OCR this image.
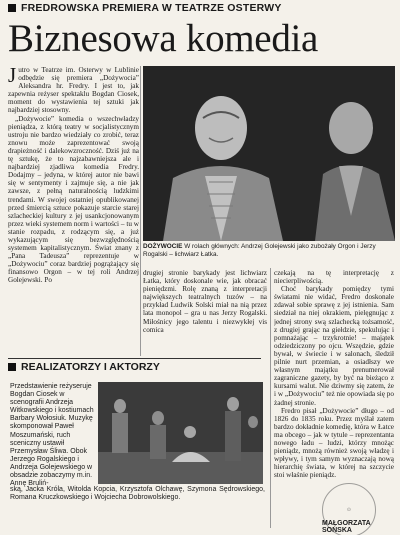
FREDROWSKA PREMIERA W TEATRZE OSTERWY
Biznesowa komedia

Jutro w Teatrze im. Osterwy w Lublinie odbędzie się premiera „Dożywocia” Aleksandra hr. Fredry. I jest to, jak zapewnia reżyser spektaklu Bogdan Ciosek, moment do wystawienia tej sztuki jak najbardziej stosowny.

„Dożywocie” komedia o wszechwładzy pieniądza, z którą teatry w socjalistycznym ustroju nie bardzo wiedziały co zrobić, teraz znowu może zaprezentować swoją drapieżność i dalekowzroczność. Dziś już na tę sztukę, że to najzabawniejsza ale i najbardziej zjadliwa komedia Fredry. Dodajmy – jedyna, w której autor nie bawi się w sentymenty i zajmuje się, a nie jak zawsze, z pełną naturalnością ludzkimi trendami. W swojej ostatniej opublikowanej przed śmiercią sztuce pokazuje starcie starej szlacheckiej kultury z jej usankcjonowanym przez wieki systemem norm i wartości – tu w stanie rozpadu, z rodzącym się, a już wykazującym się bezwzględnością systemem kapitalistycznym. Świat znany z „Pana Tadeusza” reprezentuje w „Dożywociu” coraz bardziej pogrążający się finansowo Orgon – w tej roli Andrzej Golejewski. Po

DOŻYWOCIE W rolach głównych: Andrzej Golejewski jako zubożały Orgon i Jerzy Rogalski – lichwiarz Łatka.

drugiej stronie barykady jest lichwiarz Łatka, który doskonale wie, jak obracać pieniędzmi. Rolę znaną z interpretacji największych teatralnych tuzów – na przykład Ludwik Solski miał na nią przez lata monopol – gra u nas Jerzy Rogalski. Miłośnicy jego talentu i niezwykłej vis comica

czekają na tę interpretację z niecierpliwością.

Choć barykady pomiędzy tymi światami nie widać, Fredro doskonale zdawał sobie sprawę z jej istnienia. Sam siedział na niej okrakiem, pielęgnując z jednej strony swą szlachecką tożsamość, z drugiej grając na giełdzie, spekulując i pomnażając – trzykrotnie! – majątek odziedziczony po ojcu. Wszędzie, gdzie bywał, w świecie i w salonach, śledził pilnie nurt przemian, a osiadłszy we własnym majątku prenumerował zagraniczne gazety, by być na bieżąco z kursami walut. Nie dziwmy się zatem, że i w „Dożywociu” też nie opowiada się po żadnej stronie.

Fredro pisał „Dożywocie” długo – od 1826 do 1835 roku. Przez myślał zatem bardzo dokładnie komedię, która w Łatce ma obcego – jak w tytule – reprezentanta nowego ładu – ludzi, którzy mnożąc pieniądz, mnożą również swoją władzę i wpływy, i tym samym wyznaczają nową hierarchię świata, w której na szczycie stoi właśnie pieniądz.

REALIZATORZY I AKTORZY
Przedstawienie reżyseruje Bogdan Ciosek w scenografii Andrzeja Witkowskiego i kostiumach Barbary Wołosiuk. Muzykę skomponował Paweł Moszumański, ruch sceniczny ustawił Przemysław Śliwa. Obok Jerzego Rogalskiego i Andrzeja Golejewskiego w obsadzie zobaczymy m.in. Annę Bruliń-
ską, Jacka Króla, Witolda Kopcia, Krzysztofa Olchawę, Szymona Sędrowskiego, Romana Kruczkowskiego i Wojciecha Dobrowolskiego.
⊙
MAŁGORZATA SOŃSKA
